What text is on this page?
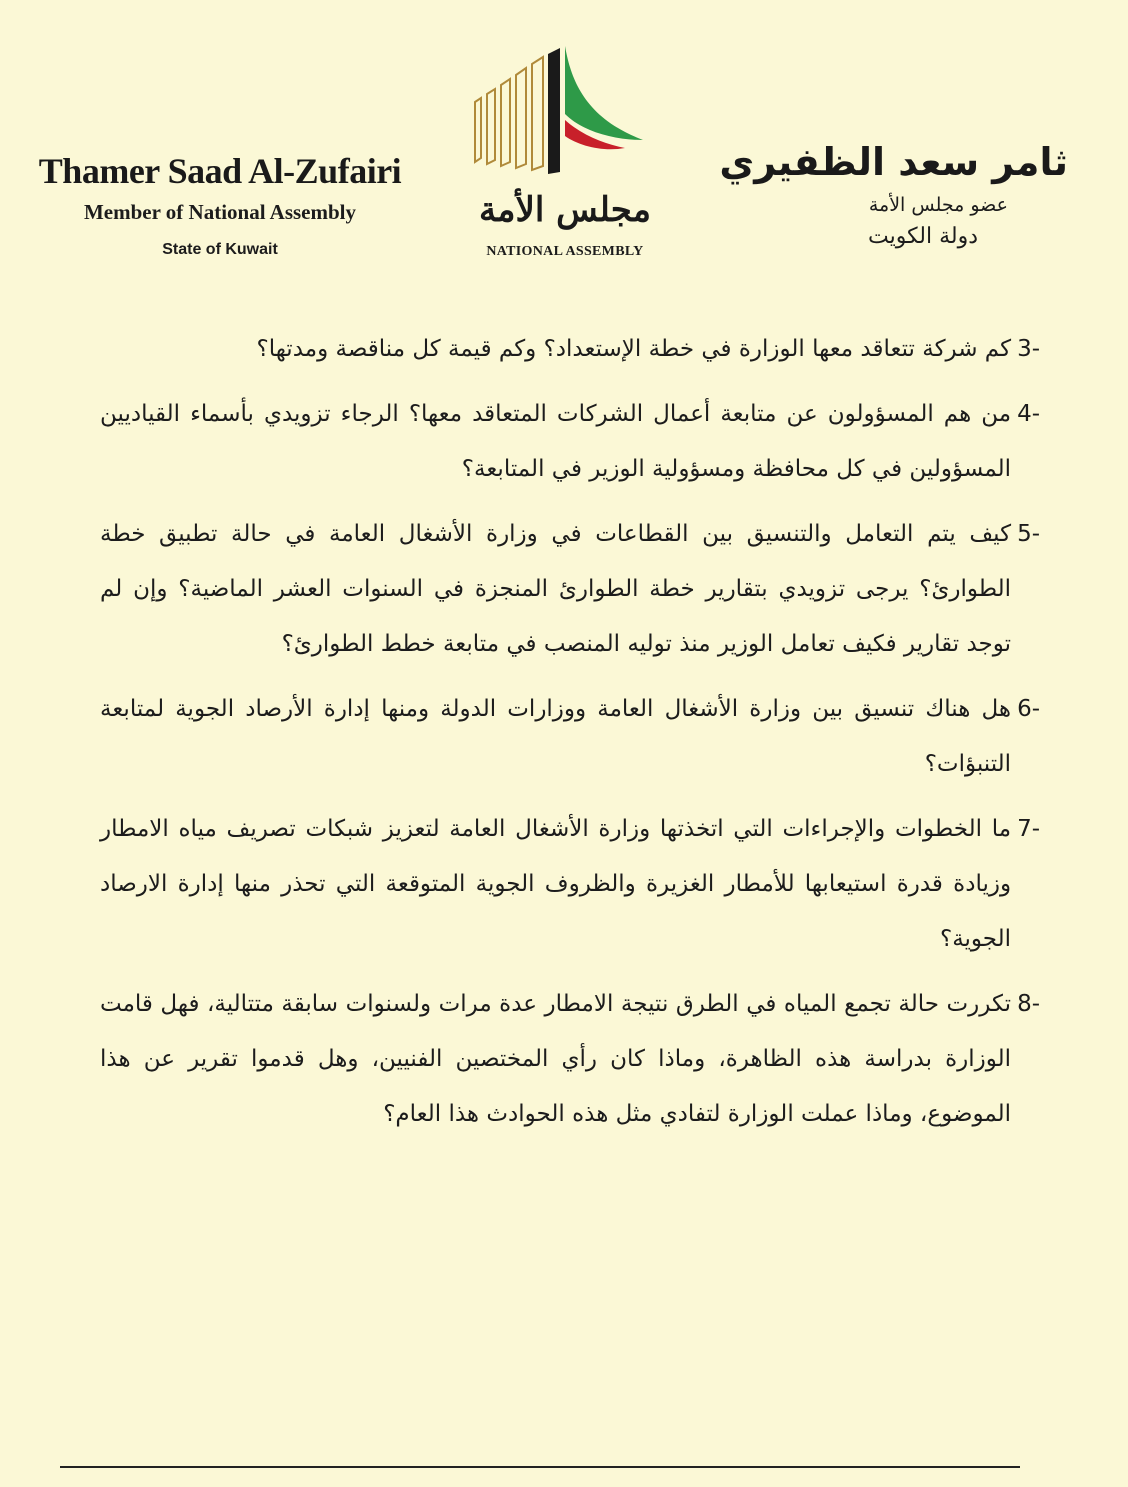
Thamer Saad Al-Zufairi
Member of National Assembly
State of Kuwait
مجلس الأمة
NATIONAL ASSEMBLY
ثامر سعد الظفيري
عضو مجلس الأمة
دولة الكويت
3-
كم شركة تتعاقد معها الوزارة في خطة الإستعداد؟ وكم قيمة كل مناقصة ومدتها؟
4-
من هم المسؤولون عن متابعة أعمال الشركات المتعاقد معها؟ الرجاء تزويدي بأسماء القياديين المسؤولين في كل محافظة ومسؤولية الوزير في المتابعة؟
5-
كيف يتم التعامل والتنسيق بين القطاعات في وزارة الأشغال العامة في حالة تطبيق خطة الطوارئ؟ يرجى تزويدي بتقارير خطة الطوارئ المنجزة في السنوات العشر الماضية؟ وإن لم توجد تقارير فكيف تعامل الوزير منذ توليه المنصب في متابعة خطط الطوارئ؟
6-
هل هناك تنسيق بين وزارة الأشغال العامة ووزارات الدولة ومنها إدارة الأرصاد الجوية لمتابعة التنبؤات؟
7-
ما الخطوات والإجراءات التي اتخذتها وزارة الأشغال العامة لتعزيز شبكات تصريف مياه الامطار وزيادة قدرة استيعابها للأمطار الغزيرة والظروف الجوية المتوقعة التي تحذر منها إدارة الارصاد الجوية؟
8-
تكررت حالة تجمع المياه في الطرق نتيجة الامطار عدة مرات ولسنوات سابقة متتالية، فهل قامت الوزارة بدراسة هذه الظاهرة، وماذا كان رأي المختصين الفنيين، وهل قدموا تقرير عن هذا الموضوع، وماذا عملت الوزارة لتفادي مثل هذه الحوادث هذا العام؟
